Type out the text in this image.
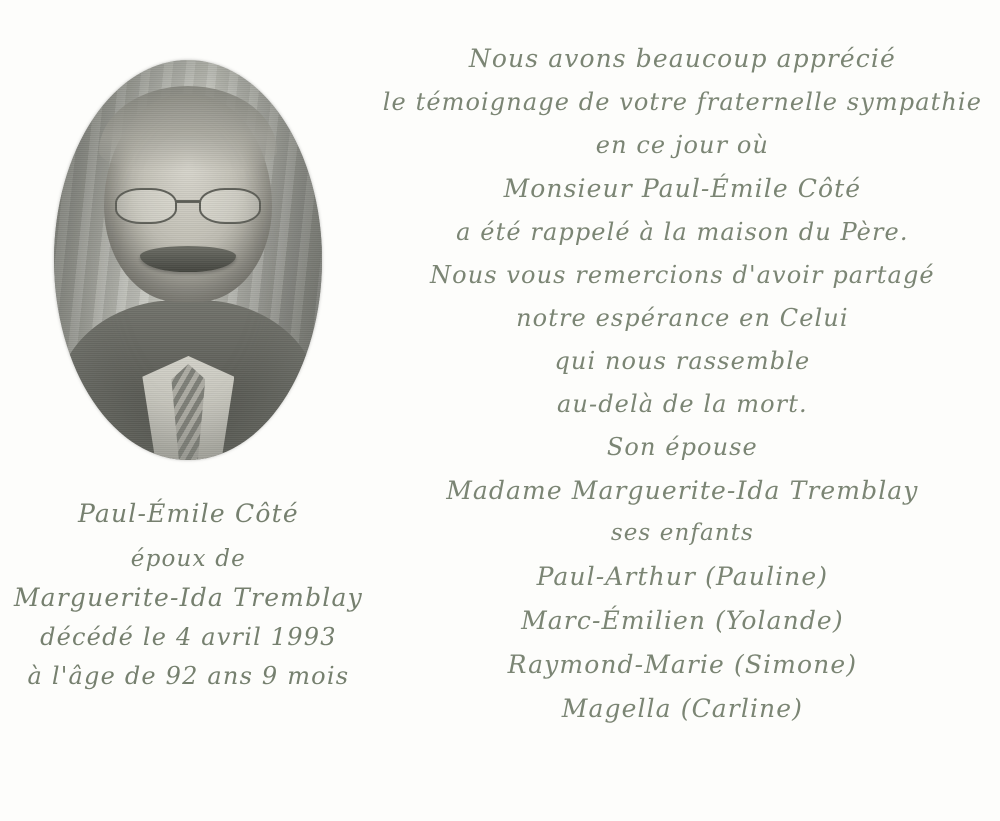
Paul-Émile Côté
époux de
Marguerite-Ida Tremblay
décédé le 4 avril 1993
à l'âge de 92 ans 9 mois
Nous avons beaucoup apprécié
le témoignage de votre fraternelle sympathie
en ce jour où
Monsieur Paul-Émile Côté
a été rappelé à la maison du Père.
Nous vous remercions d'avoir partagé
notre espérance en Celui
qui nous rassemble
au-delà de la mort.
Son épouse
Madame Marguerite-Ida Tremblay
ses enfants
Paul-Arthur (Pauline)
Marc-Émilien (Yolande)
Raymond-Marie (Simone)
Magella (Carline)
